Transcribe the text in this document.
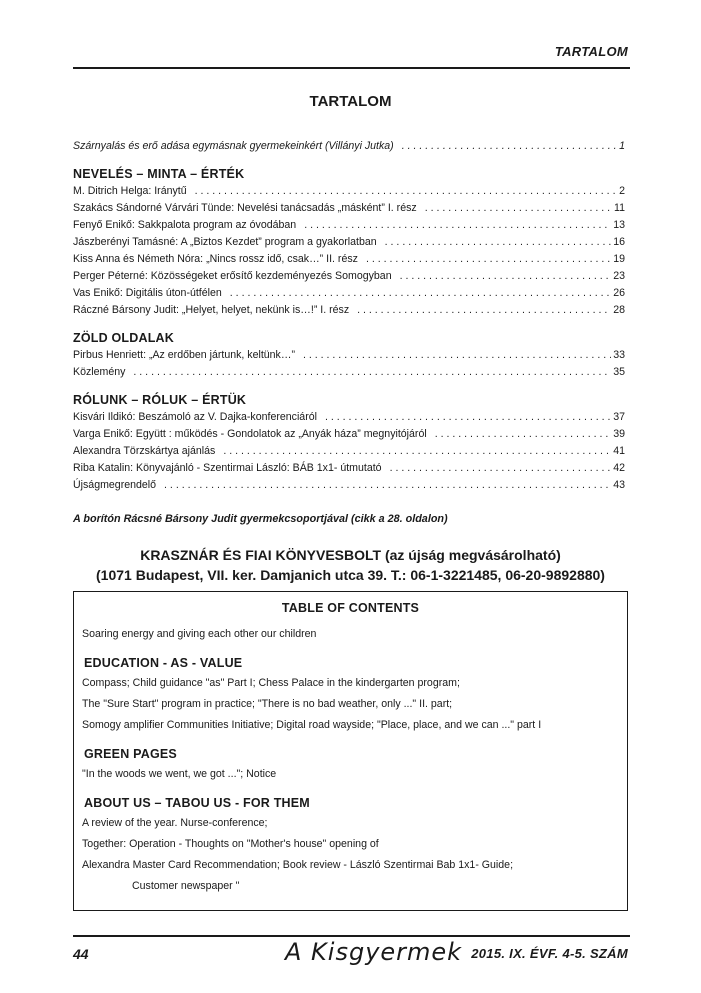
TARTALOM
TARTALOM
Szárnyalás és erő adása egymásnak gyermekeinkért (Villányi Jutka) . . .	1
NEVELÉS – MINTA – ÉRTÉK
M. Ditrich Helga: Iránytű . . .	2
Szakács Sándorné Várvári Tünde: Nevelési tanácsadás „másként” I. rész . . .	11
Fenyő Enikő: Sakkpalota program az óvodában . . .	13
Jászberényi Tamásné: A „Biztos Kezdet” program a gyakorlatban . . .	16
Kiss Anna és Németh Nóra: „Nincs rossz idő, csak…” II. rész . . .	19
Perger Péterné: Közösségeket erősítő kezdeményezés Somogyban . . .	23
Vas Enikő: Digitális úton-útfélen . . .	26
Ráczné Bársony Judit: „Helyet, helyet, nekünk is…!” I. rész . . .	28
ZÖLD OLDALAK
Pirbus Henriett: „Az erdőben jártunk, keltünk…” . . .	33
Közlemény . . .	35
RÓLUNK – RÓLUK – ÉRTÜK
Kisvári Ildikó: Beszámoló az V. Dajka-konferenciáról . . .	37
Varga Enikő: Együtt : működés - Gondolatok az „Anyák háza” megnyitójáról . . .	39
Alexandra Törzskártya ajánlás . . .	41
Riba Katalin: Könyvajánló - Szentirmai László: BÁB 1x1- útmutató . . .	42
Újságmegrendelő . . .	43
A borítón Rácsné Bársony Judit gyermekcsoportjával (cikk a 28. oldalon)
KRASZNÁR ÉS FIAI KÖNYVESBOLT (az újság megvásárolható)
(1071 Budapest, VII. ker. Damjanich utca 39. T.: 06-1-3221485, 06-20-9892880)
TABLE OF CONTENTS
Soaring energy and giving each other our children
EDUCATION - AS - VALUE
Compass; Child guidance "as" Part I; Chess Palace in the kindergarten program;
The "Sure Start" program in practice; "There is no bad weather, only ..." II. part;
Somogy amplifier Communities Initiative; Digital road wayside; "Place, place, and we can ..." part I
GREEN PAGES
"In the woods we went, we got ..."; Notice
ABOUT US – TABOU US - FOR THEM
A review of the year. Nurse-conference;
Together: Operation - Thoughts on "Mother's house" opening of
Alexandra Master Card Recommendation; Book review - László Szentirmai Bab 1x1- Guide;
Customer newspaper "
44	A Kisgyermek 2015. IX. ÉVF. 4-5. SZÁM
